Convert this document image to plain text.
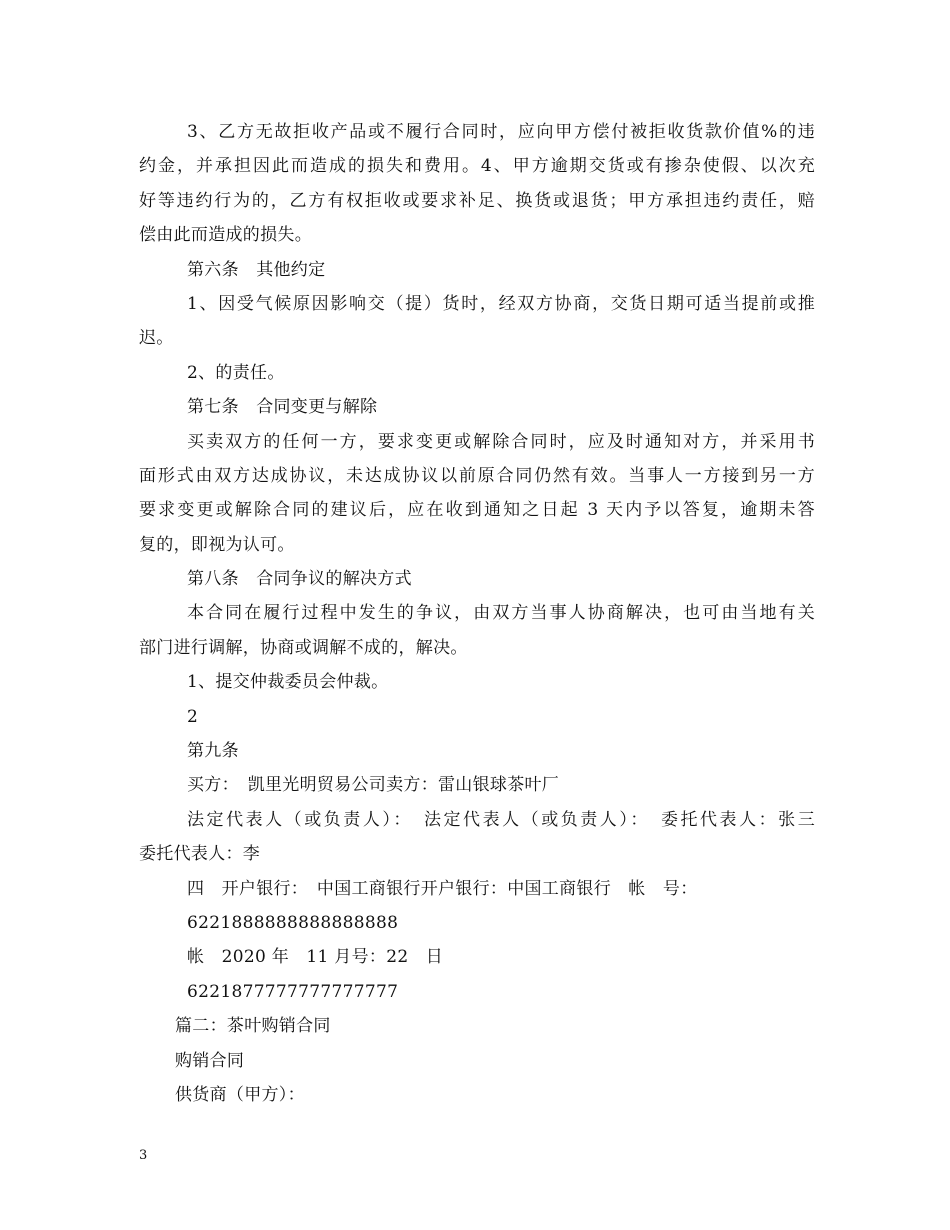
3、乙方无故拒收产品或不履行合同时，应向甲方偿付被拒收货款价值%的违
约金，并承担因此而造成的损失和费用。4、甲方逾期交货或有掺杂使假、以次充
好等违约行为的，乙方有权拒收或要求补足、换货或退货；甲方承担违约责任，赔
偿由此而造成的损失。
第六条　其他约定
1、因受气候原因影响交（提）货时，经双方协商，交货日期可适当提前或推
迟。
2、的责任。
第七条　合同变更与解除
买卖双方的任何一方，要求变更或解除合同时，应及时通知对方，并采用书
面形式由双方达成协议，未达成协议以前原合同仍然有效。当事人一方接到另一方
要求变更或解除合同的建议后，应在收到通知之日起 3 天内予以答复，逾期未答
复的，即视为认可。
第八条　合同争议的解决方式
本合同在履行过程中发生的争议，由双方当事人协商解决，也可由当地有关
部门进行调解，协商或调解不成的，解决。
1、提交仲裁委员会仲裁。
2
第九条
买方：　凯里光明贸易公司卖方：雷山银球茶叶厂
法定代表人（或负责人）：　法定代表人（或负责人）：　委托代表人：张三
委托代表人：李
四　开户银行：　中国工商银行开户银行：中国工商银行　帐　号：
6221888888888888888
帐　2020 年　11 月号：22　日
6221877777777777777
篇二：茶叶购销合同
购销合同
供货商（甲方）：
3
